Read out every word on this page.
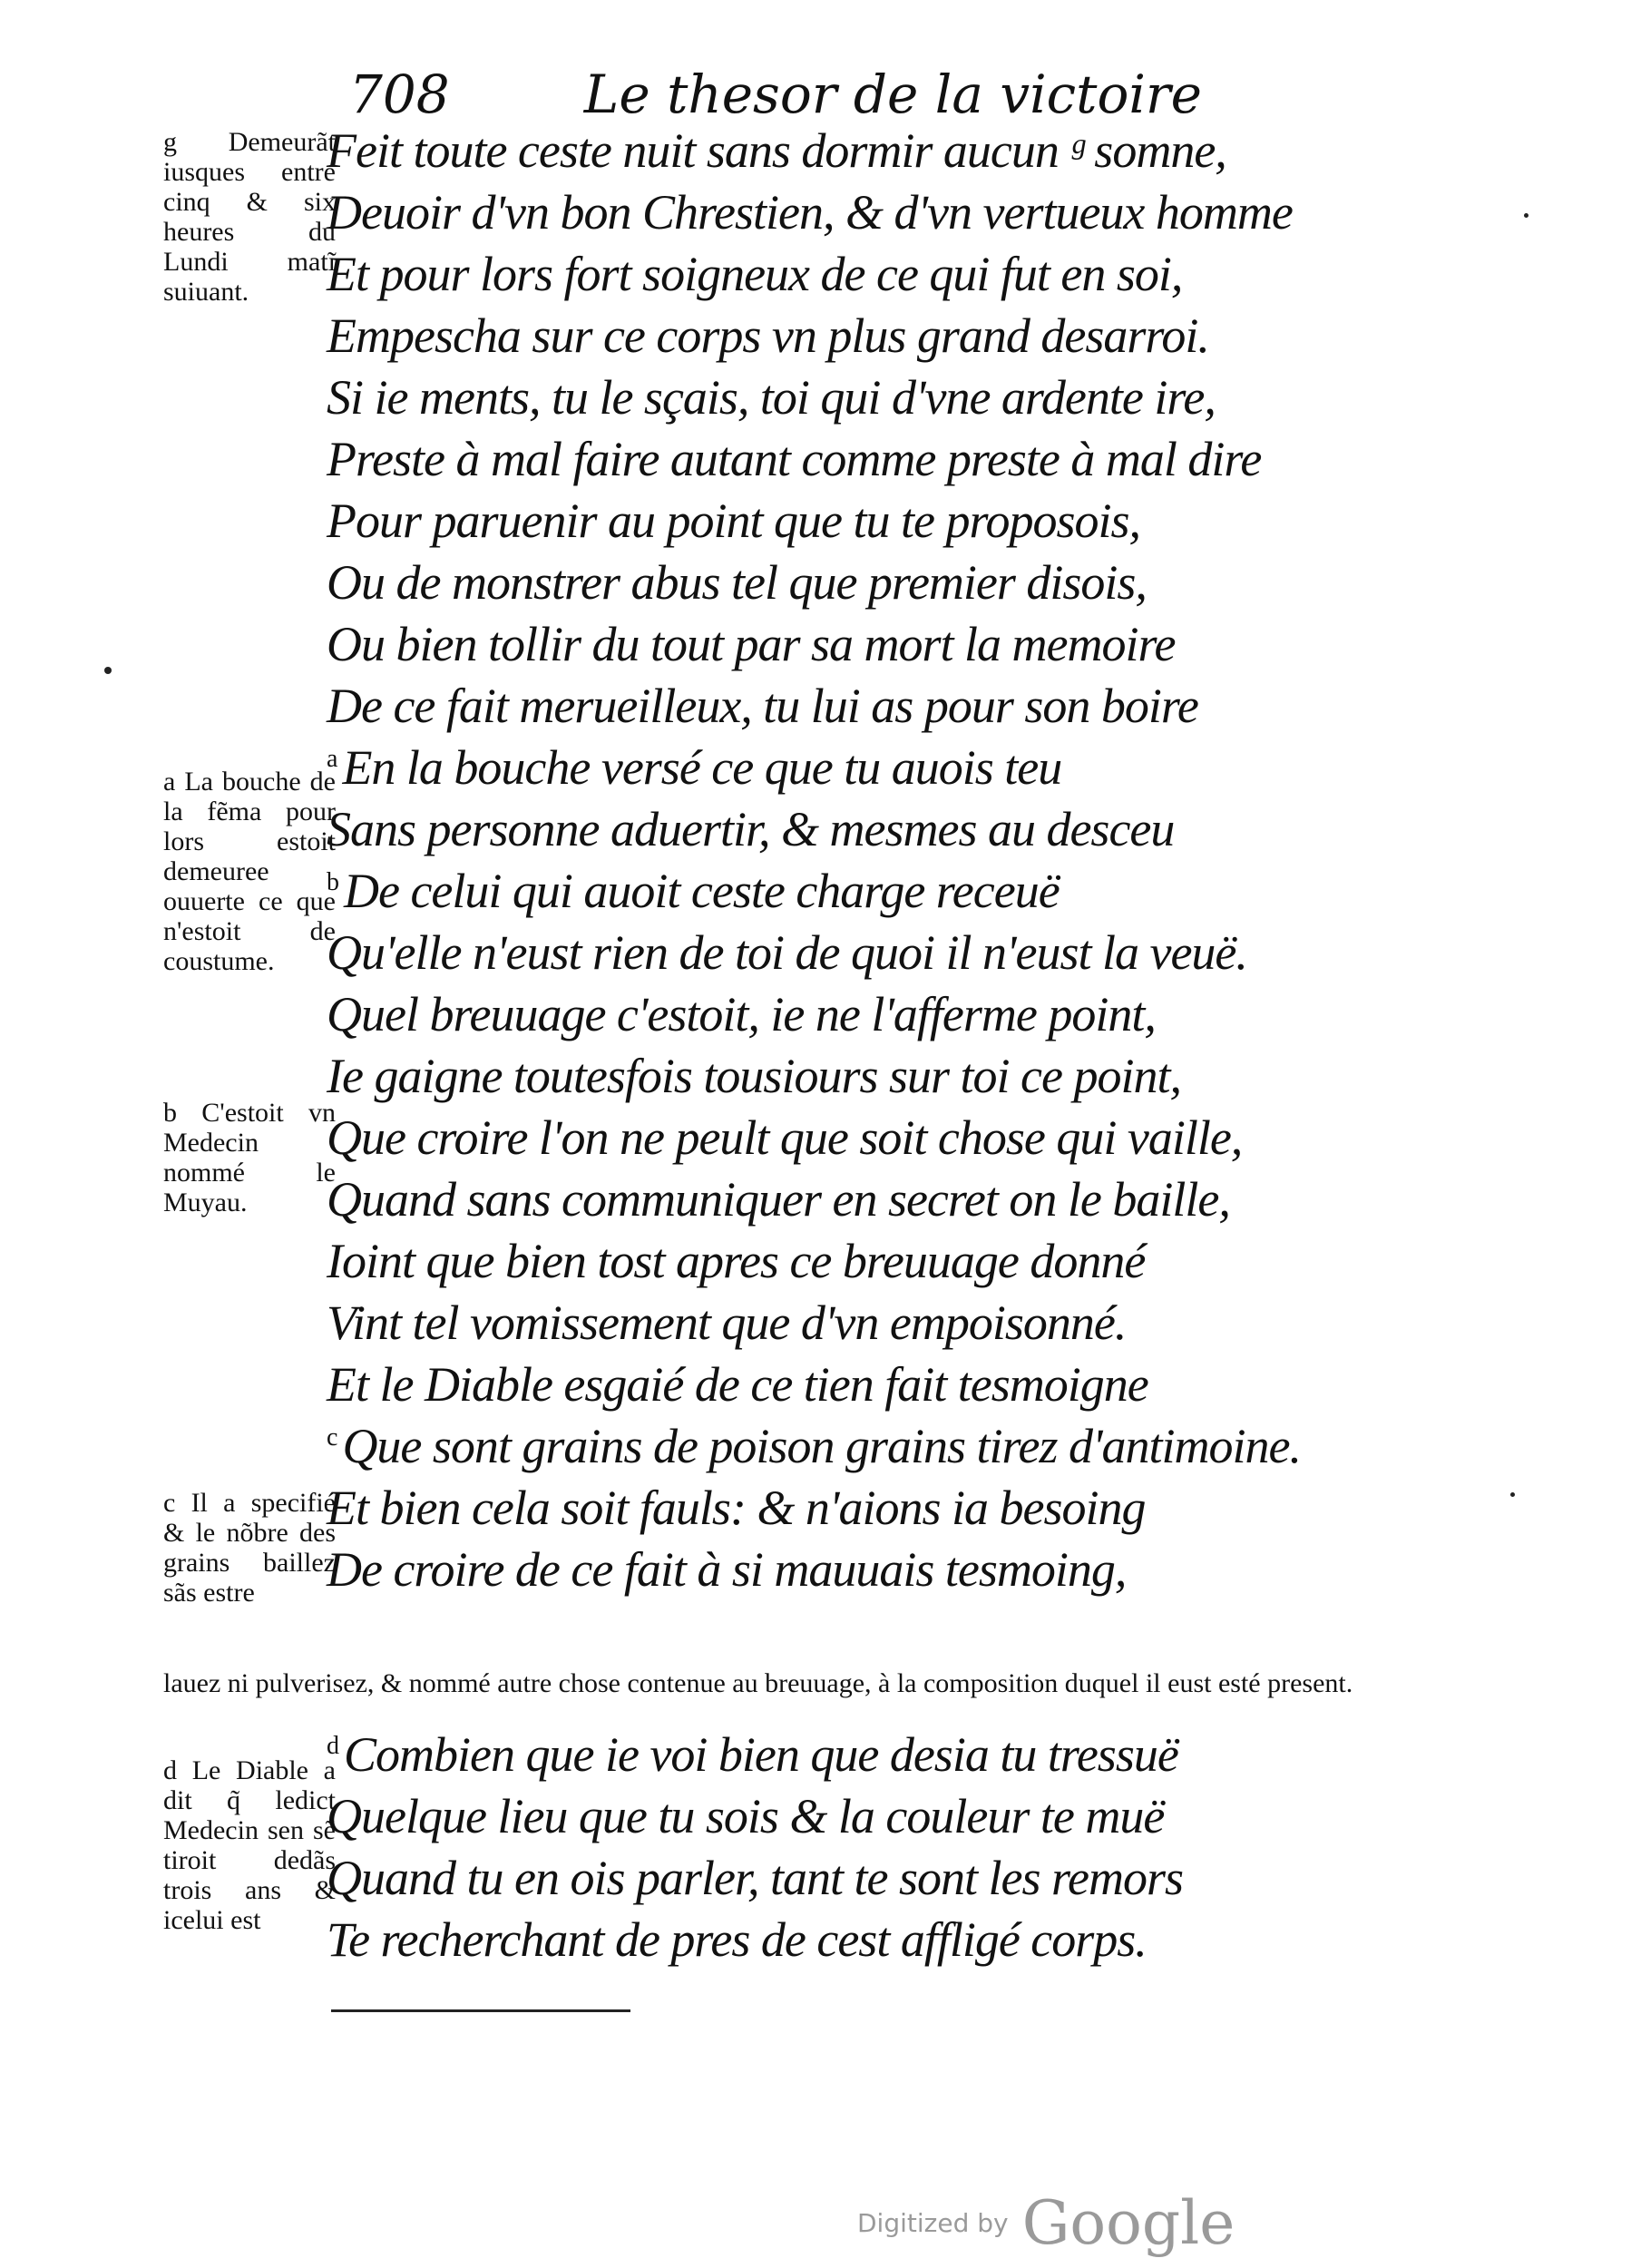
708	Le thesor de la victoire
Feit toute ceste nuit sans dormir aucun ᵍ somne,
Deuoir d'vn bon Chrestien, & d'vn vertueux homme
Et pour lors fort soigneux de ce qui fut en soi,
Empescha sur ce corps vn plus grand desarroi.
Si ie ments, tu le sçais, toi qui d'vne ardente ire,
Preste à mal faire autant comme preste à mal dire
Pour paruenir au point que tu te proposois,
Ou de monstrer abus tel que premier disois,
Ou bien tollir du tout par sa mort la memoire
De ce fait merueilleux, tu lui as pour son boire
$^a$ En la bouche versé ce que tu auois teu
Sans personne aduertir, & mesmes au desceu
$^b$ De celui qui auoit ceste charge receuë
Qu'elle n'eust rien de toi de quoi il n'eust la veuë.
Quel breuuage c'estoit, ie ne l'afferme point,
Ie gaigne toutesfois tousiours sur toi ce point,
Que croire l'on ne peult que soit chose qui vaille,
Quand sans communiquer en secret on le baille,
Ioint que bien tost apres ce breuuage donné
Vint tel vomissement que d'vn empoisonné.
Et le Diable esgaié de ce tien fait tesmoigne
$^c$ Que sont grains de poison grains tirez d'antimoine.
Et bien cela soit fauls: & n'aions ia besoing
De croire de ce fait à si mauuais tesmoing,
$^d$ Combien que ie voi bien que desia tu tressuë
Quelque lieu que tu sois & la couleur te muë
Quand tu en ois parler, tant te sont les remors
Te recherchant de pres de cest affligé corps.
g Demeurãt iusques entre cinq & six heures du Lundi matĩ suiuant.
a La bouche de la fẽma pour lors estoit demeuree ouuerte ce que n'estoit de coustume.
b C'estoit vn Medecin nommé le Muyau.
c Il a specifié & le nõbre des grains baillez sãs estre
lauez ni pulverisez, & nommé autre chose contenue au breuuage, à la composition duquel il eust esté present.
d Le Diable a dit q̃ ledict Medecin sen sẽ tiroit dedãs trois ans & icelui est
Digitized by Google
